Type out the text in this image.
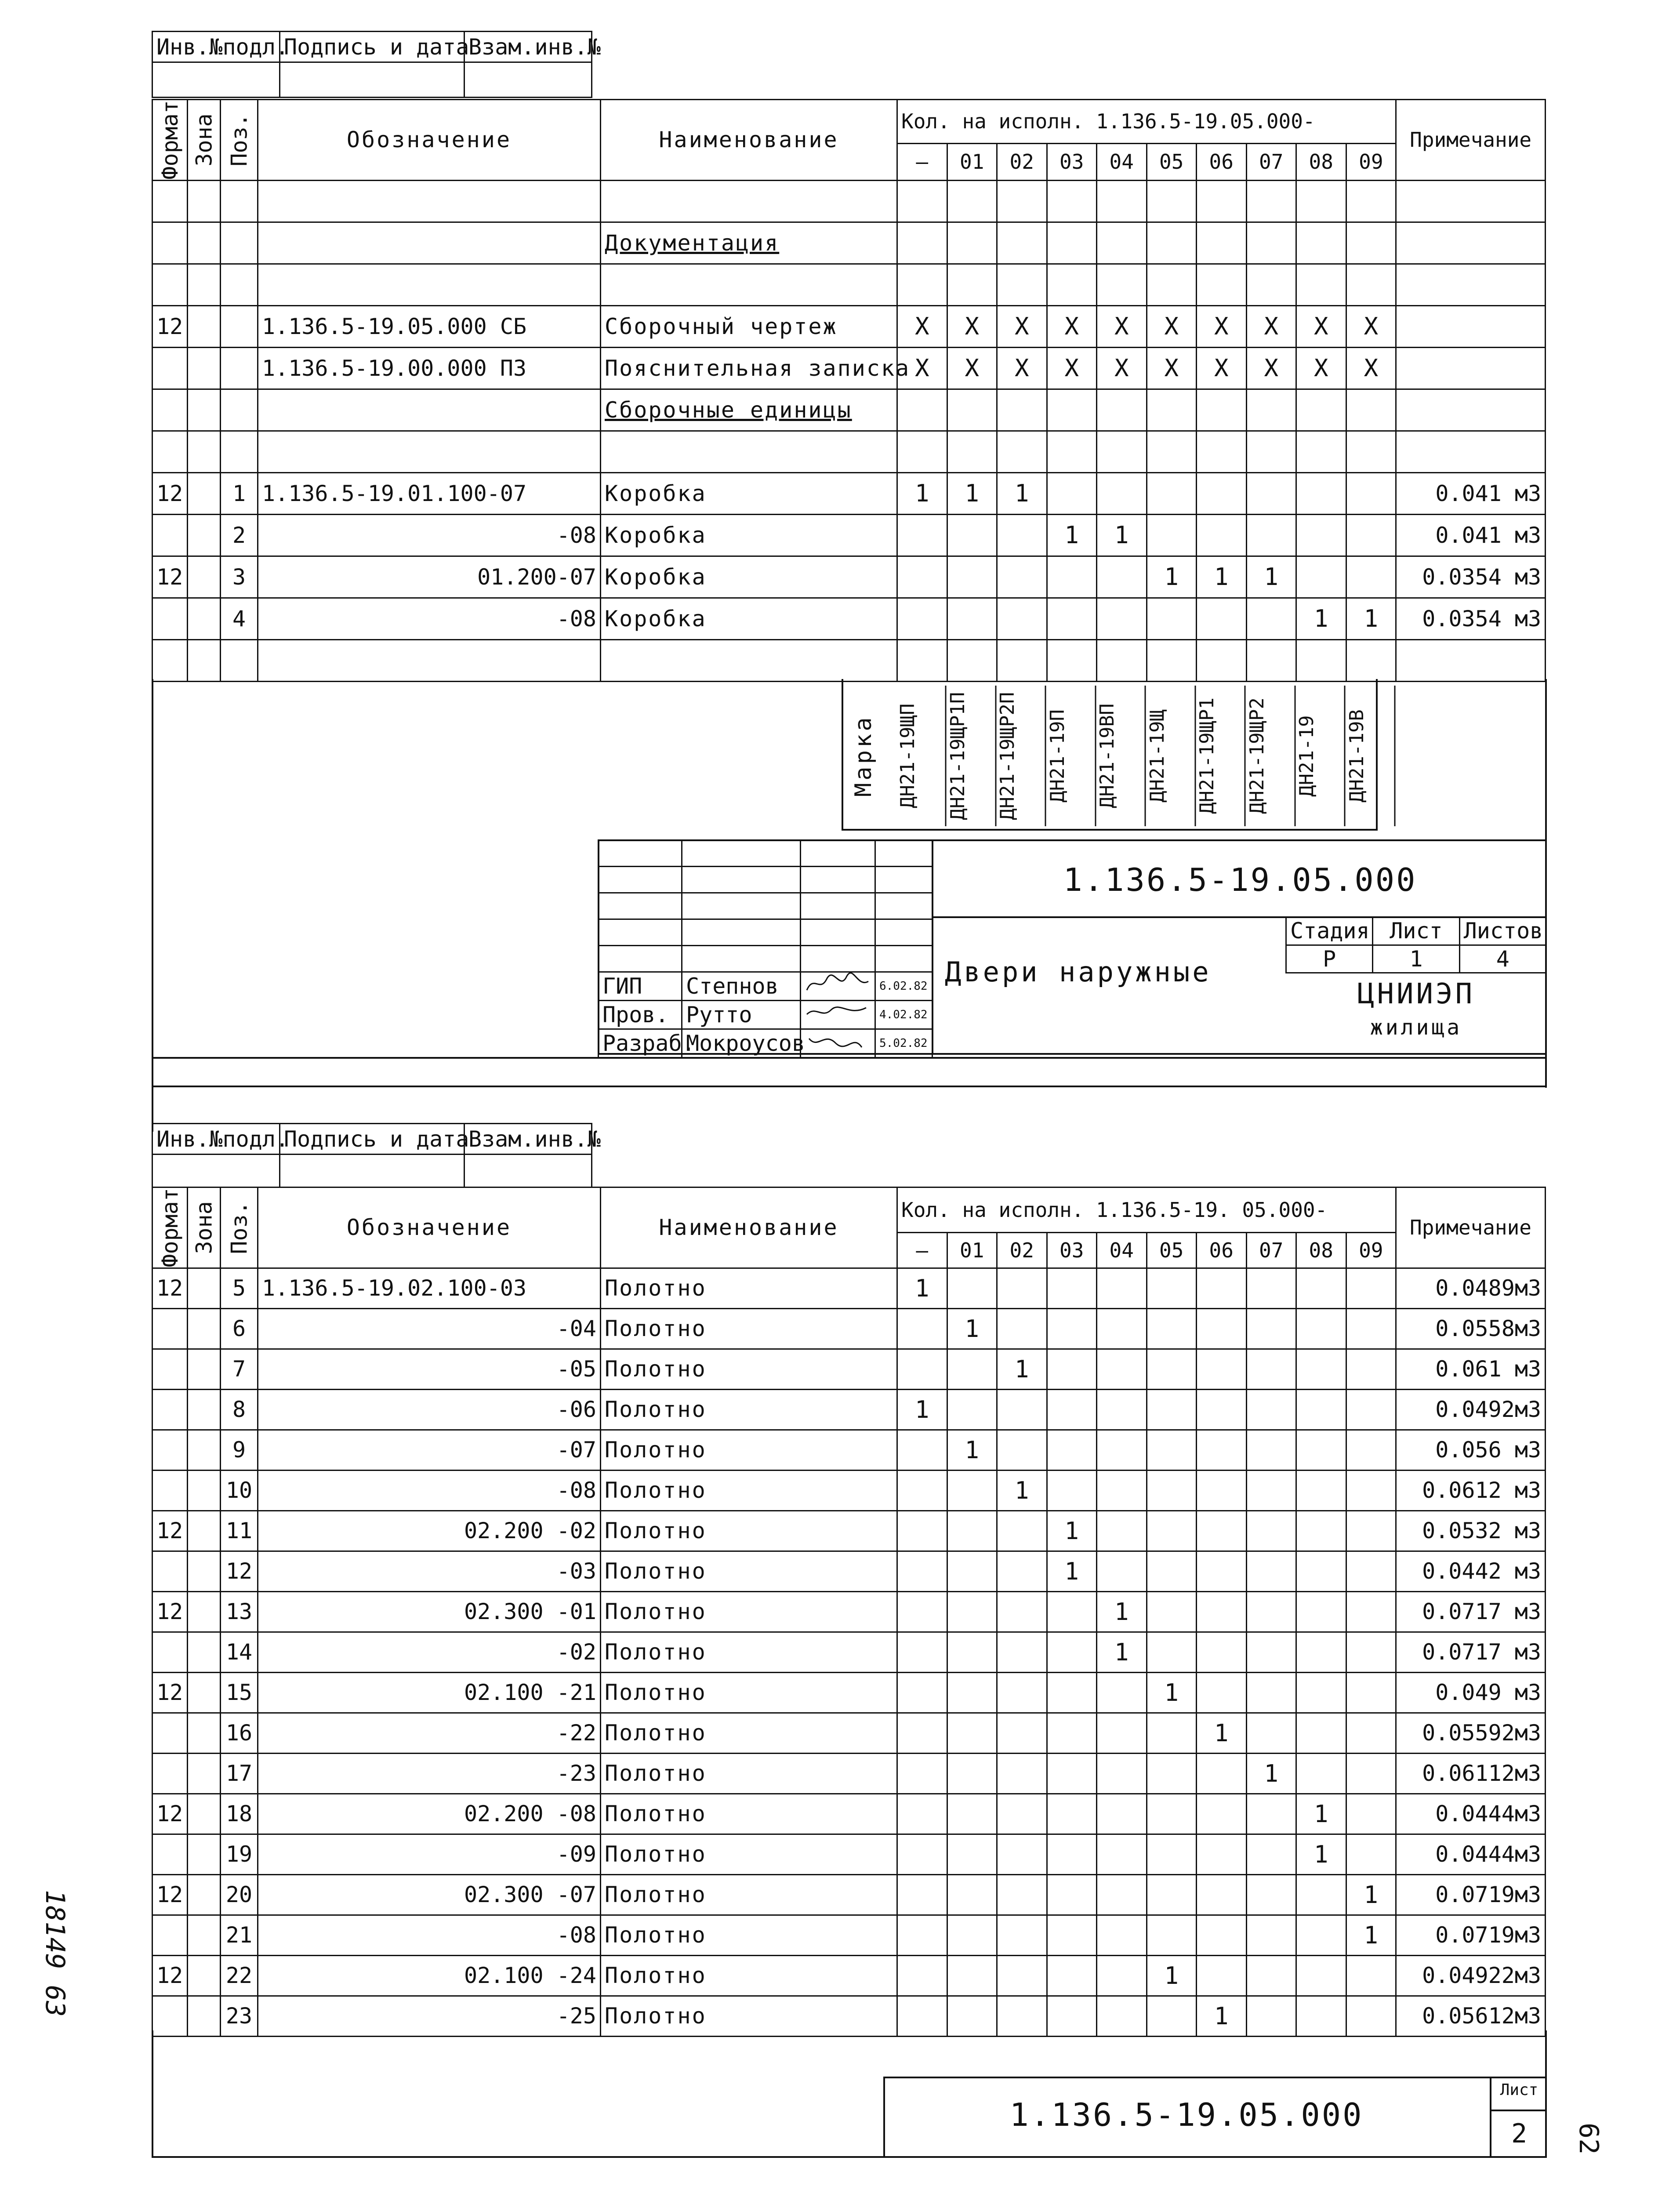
Инв.№подл.	Подпись и дата	Взам.инв.№

Формат	Зона	Поз.	Обозначение	Наименование	Кол. на исполн. 1.136.5-19.05.000-										Примечание
					—	01	02	03	04	05	06	07	08	09	

				Документация											

12			1.136.5-19.05.000 СБ	Сборочный чертеж	X	X	X	X	X	X	X	X	X	X	
			1.136.5-19.00.000 ПЗ	Пояснительная записка	X	X	X	X	X	X	X	X	X	X	
				Сборочные единицы											

12		1	1.136.5-19.01.100-07	Коробка	1	1	1								0.041 м3
		2	-08	Коробка				1	1						0.041 м3
12		3	01.200-07	Коробка						1	1	1			0.0354 м3
		4	-08	Коробка									1	1	0.0354 м3

Марка	ДН21-19ЩП	ДН21-19ЩР1П	ДН21-19ЩР2П	ДН21-19П	ДН21-19ВП	ДН21-19Щ	ДН21-19ЩР1	ДН21-19ЩР2	ДН21-19	ДН21-19В

ГИП	Степнов		6.02.82
Пров.	Рутто		4.02.82
Разраб.	Мокроусов		5.02.82
1.136.5-19.05.000
Двери наружные
Стадия	Лист	Листов
Р	1	4
ЦНИИЭП
жилища
Инв.№подл.	Подпись и дата	Взам.инв.№

Формат	Зона	Поз.	Обозначение	Наименование	Кол. на исполн. 1.136.5-19. 05.000-										Примечание
					—	01	02	03	04	05	06	07	08	09	
12		5	1.136.5-19.02.100-03	Полотно	1										0.0489м3
		6	-04	Полотно		1									0.0558м3
		7	-05	Полотно			1								0.061 м3
		8	-06	Полотно	1										0.0492м3
		9	-07	Полотно		1									0.056 м3
		10	-08	Полотно			1								0.0612 м3
12		11	02.200 -02	Полотно				1							0.0532 м3
		12	-03	Полотно				1							0.0442 м3
12		13	02.300 -01	Полотно					1						0.0717 м3
		14	-02	Полотно					1						0.0717 м3
12		15	02.100 -21	Полотно						1					0.049 м3
		16	-22	Полотно							1				0.05592м3
		17	-23	Полотно								1			0.06112м3
12		18	02.200 -08	Полотно									1		0.0444м3
		19	-09	Полотно									1		0.0444м3
12		20	02.300 -07	Полотно										1	0.0719м3
		21	-08	Полотно										1	0.0719м3
12		22	02.100 -24	Полотно						1					0.04922м3
		23	-25	Полотно							1				0.05612м3
1.136.5-19.05.000
Лист
2
18149 63
62
